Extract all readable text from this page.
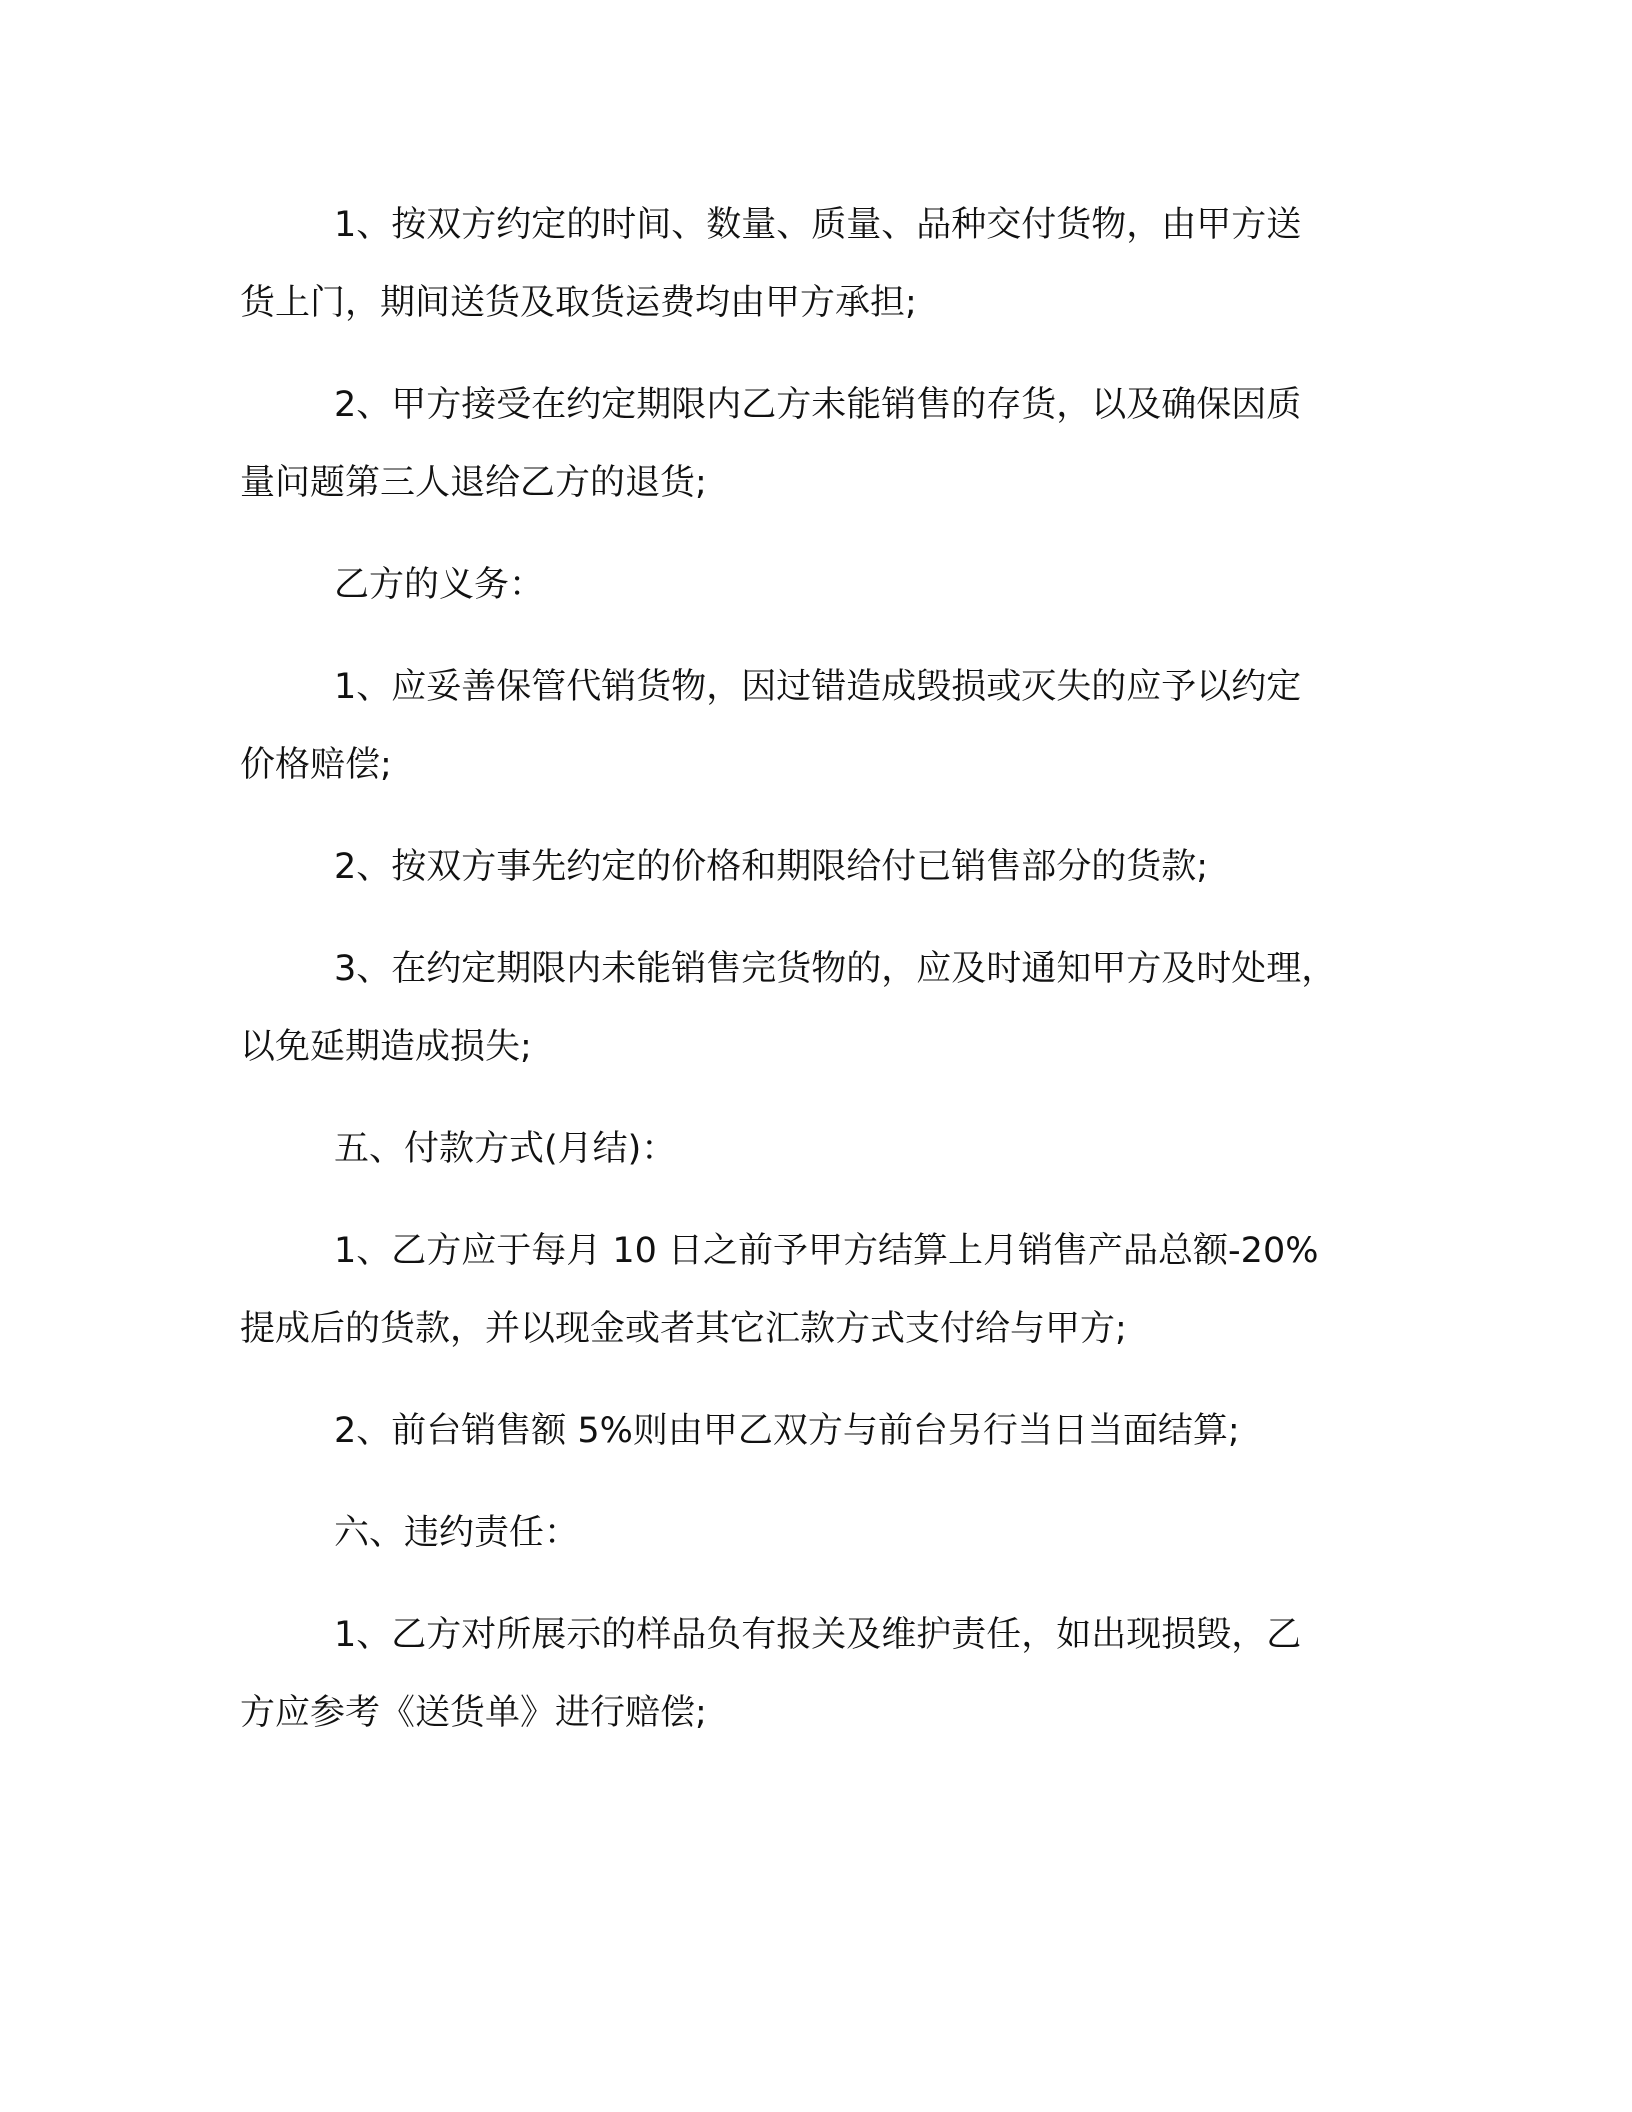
1、按双方约定的时间、数量、质量、品种交付货物，由甲方送
货上门，期间送货及取货运费均由甲方承担;
2、甲方接受在约定期限内乙方未能销售的存货，以及确保因质
量问题第三人退给乙方的退货;
乙方的义务：
1、应妥善保管代销货物，因过错造成毁损或灭失的应予以约定
价格赔偿;
2、按双方事先约定的价格和期限给付已销售部分的货款;
3、在约定期限内未能销售完货物的，应及时通知甲方及时处理，
以免延期造成损失;
五、付款方式(月结)：
1、乙方应于每月 10 日之前予甲方结算上月销售产品总额-20%
提成后的货款，并以现金或者其它汇款方式支付给与甲方;
2、前台销售额 5%则由甲乙双方与前台另行当日当面结算;
六、违约责任：
1、乙方对所展示的样品负有报关及维护责任，如出现损毁，乙
方应参考《送货单》进行赔偿;
